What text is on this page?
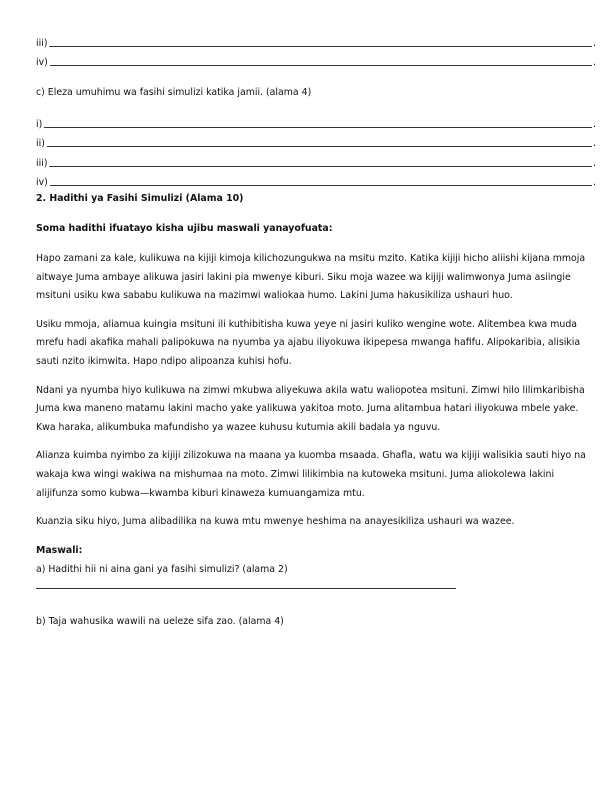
iii)	.
iv)	.
c) Eleza umuhimu wa fasihi simulizi katika jamii. (alama 4)
i)	.
ii)	.
iii)	.
iv)	.
2. Hadithi ya Fasihi Simulizi (Alama 10)
Soma hadithi ifuatayo kisha ujibu maswali yanayofuata:

Hapo zamani za kale, kulikuwa na kijiji kimoja kilichozungukwa na msitu mzito. Katika kijiji hicho aliishi kijana mmoja aitwaye Juma ambaye alikuwa jasiri lakini pia mwenye kiburi. Siku moja wazee wa kijiji walimwonya Juma asiingie msituni usiku kwa sababu kulikuwa na mazimwi waliokaa humo. Lakini Juma hakusikiliza ushauri huo.

Usiku mmoja, aliamua kuingia msituni ili kuthibitisha kuwa yeye ni jasiri kuliko wengine wote. Alitembea kwa muda mrefu hadi akafika mahali palipokuwa na nyumba ya ajabu iliyokuwa ikipepesa mwanga hafifu. Alipokaribia, alisikia sauti nzito ikimwita. Hapo ndipo alipoanza kuhisi hofu.

Ndani ya nyumba hiyo kulikuwa na zimwi mkubwa aliyekuwa akila watu waliopotea msituni. Zimwi hilo lilimkaribisha Juma kwa maneno matamu lakini macho yake yalikuwa yakitoa moto. Juma alitambua hatari iliyokuwa mbele yake. Kwa haraka, alikumbuka mafundisho ya wazee kuhusu kutumia akili badala ya nguvu.

Alianza kuimba nyimbo za kijiji zilizokuwa na maana ya kuomba msaada. Ghafla, watu wa kijiji walisikia sauti hiyo na wakaja kwa wingi wakiwa na mishumaa na moto. Zimwi lilikimbia na kutoweka msituni. Juma aliokolewa lakini alijifunza somo kubwa—kwamba kiburi kinaweza kumuangamiza mtu.

Kuanzia siku hiyo, Juma alibadilika na kuwa mtu mwenye heshima na anayesikiliza ushauri wa wazee.

Maswali:
a) Hadithi hii ni aina gani ya fasihi simulizi? (alama 2)
b) Taja wahusika wawili na ueleze sifa zao. (alama 4)
